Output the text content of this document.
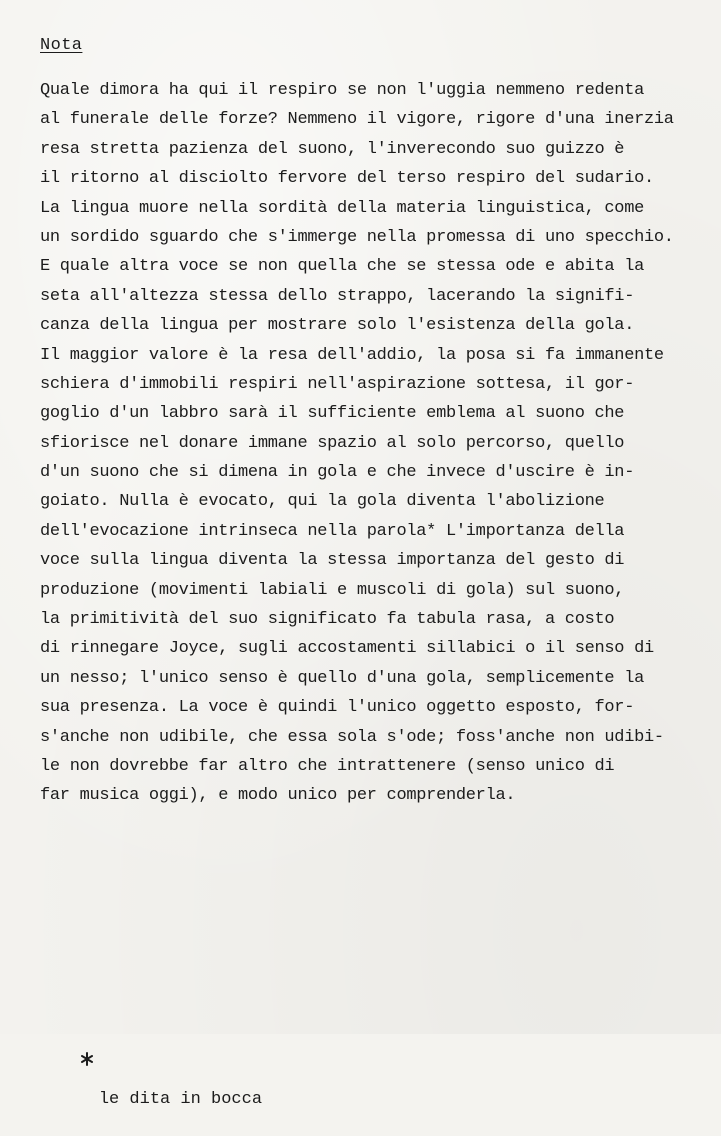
Nota
Quale dimora ha qui il respiro se non l'uggia nemmeno redenta
al funerale delle forze? Nemmeno il vigore, rigore d'una inerzia
resa stretta pazienza del suono, l'inverecondo suo guizzo è
il ritorno al disciolto fervore del terso respiro del sudario.
La lingua muore nella sordità della materia linguistica, come
un sordido sguardo che s'immerge nella promessa di uno specchio.
E quale altra voce se non quella che se stessa ode e abita la
seta all'altezza stessa dello strappo, lacerando la signifi-
canza della lingua per mostrare solo l'esistenza della gola.
Il maggior valore è la resa dell'addio, la posa si fa immanente
schiera d'immobili respiri nell'aspirazione sottesa, il gor-
goglio d'un labbro sarà il sufficiente emblema al suono che
sfiorisce nel donare immane spazio al solo percorso, quello
d'un suono che si dimena in gola e che invece d'uscire è in-
goiato. Nulla è evocato, qui la gola diventa l'abolizione
dell'evocazione intrinseca nella parola* L'importanza della
voce sulla lingua diventa la stessa importanza del gesto di
produzione (movimenti labiali e muscoli di gola) sul suono,
la primitività del suo significato fa tabula rasa, a costo
di rinnegare Joyce, sugli accostamenti sillabici o il senso di
un nesso; l'unico senso è quello d'una gola, semplicemente la
sua presenza. La voce è quindi l'unico oggetto esposto, for-
s'anche non udibile, che essa sola s'ode; foss'anche non udibi-
le non dovrebbe far altro che intrattenere (senso unico di
far musica oggi), e modo unico per comprenderla.

le dita in bocca
